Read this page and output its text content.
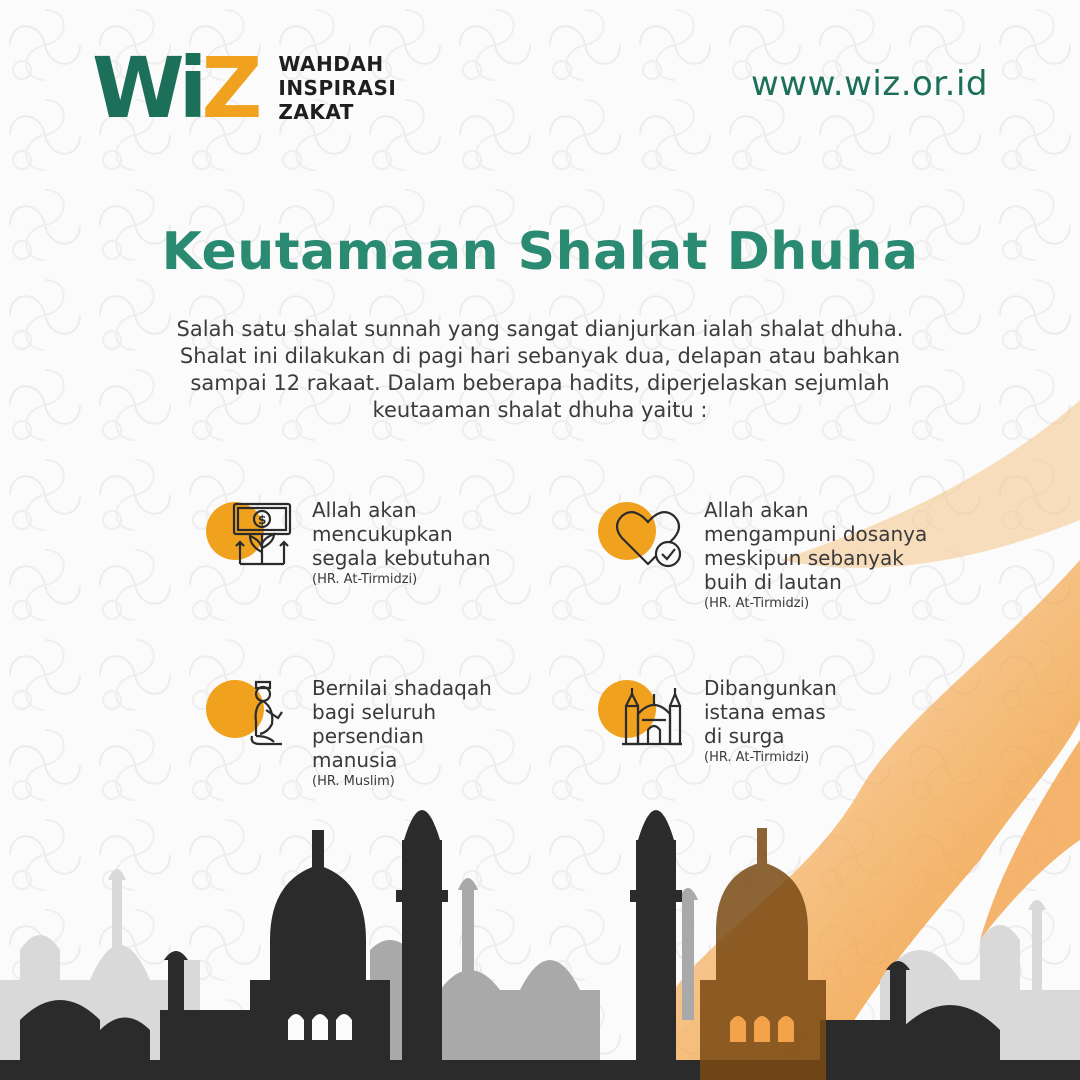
WiZ WAHDAH
INSPIRASI
ZAKAT
www.wiz.or.id
Keutamaan Shalat Dhuha
Salah satu shalat sunnah yang sangat dianjurkan ialah shalat dhuha. Shalat ini dilakukan di pagi hari sebanyak dua, delapan atau bahkan sampai 12 rakaat. Dalam beberapa hadits, diperjelaskan sejumlah keutaaman shalat dhuha yaitu :
$ Allah akan
mencukupkan
segala kebutuhan
(HR. At-Tirmidzi)
Allah akan
mengampuni dosanya
meskipun sebanyak
buih di lautan
(HR. At-Tirmidzi)
Bernilai shadaqah
bagi seluruh
persendian
manusia
(HR. Muslim)
Dibangunkan
istana emas
di surga
(HR. At-Tirmidzi)
